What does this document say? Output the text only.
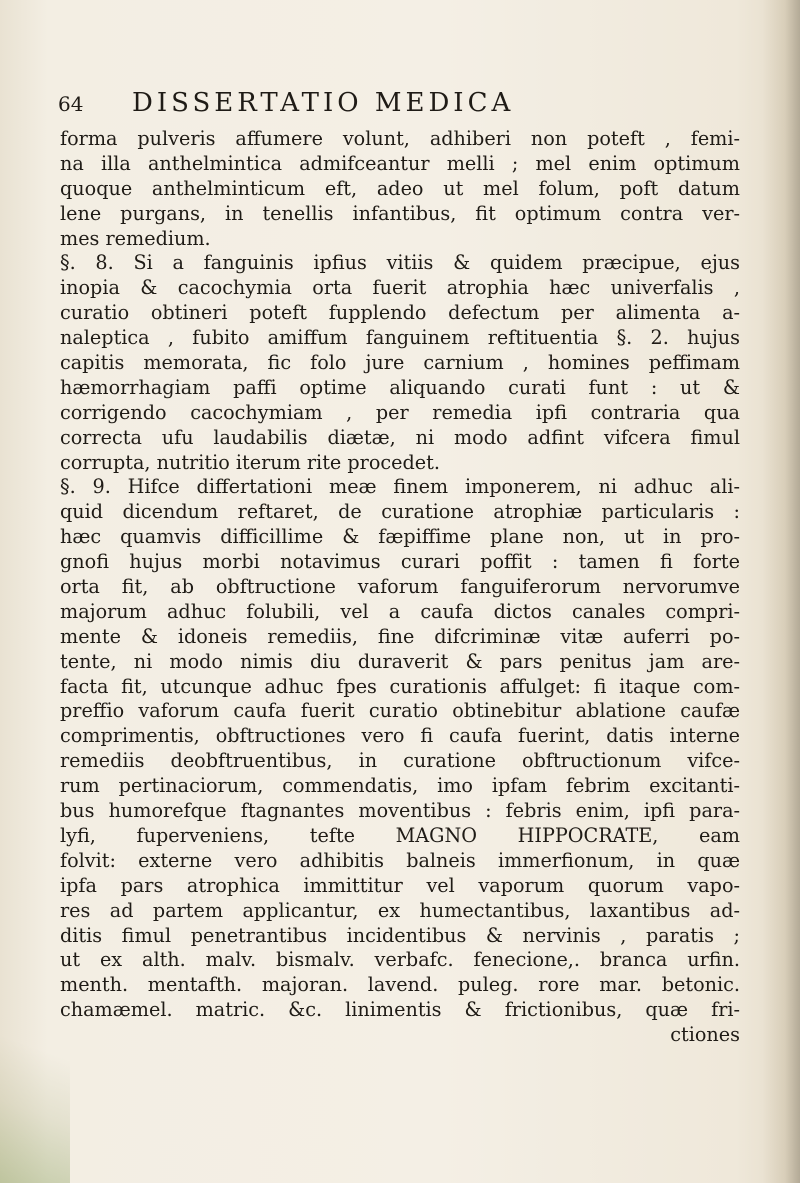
64	DISSERTATIO MEDICA
forma pulveris affumere volunt, adhiberi non poteft , femi-
na illa anthelmintica admifceantur melli ; mel enim optimum
quoque anthelminticum eft, adeo ut mel folum, poft datum
lene purgans, in tenellis infantibus, fit optimum contra ver-
mes remedium.
§. 8. Si a fanguinis ipfius vitiis & quidem præcipue, ejus
inopia & cacochymia orta fuerit atrophia hæc univerfalis ,
curatio obtineri poteft fupplendo defectum per alimenta a-
naleptica , fubito amiffum fanguinem reftituentia §. 2. hujus
capitis memorata, fic folo jure carnium , homines peffimam
hæmorrhagiam paffi optime aliquando curati funt : ut &
corrigendo cacochymiam , per remedia ipfi contraria qua
correcta ufu laudabilis diætæ, ni modo adfint vifcera fimul
corrupta, nutritio iterum rite procedet.
§. 9. Hifce differtationi meæ finem imponerem, ni adhuc ali-
quid dicendum reftaret, de curatione atrophiæ particularis :
hæc quamvis difficillime & fæpiffime plane non, ut in pro-
gnofi hujus morbi notavimus curari poffit : tamen fi forte
orta fit, ab obftructione vaforum fanguiferorum nervorumve
majorum adhuc folubili, vel a caufa dictos canales compri-
mente & idoneis remediis, fine difcriminæ vitæ auferri po-
tente, ni modo nimis diu duraverit & pars penitus jam are-
facta fit, utcunque adhuc fpes curationis affulget: fi itaque com-
preffio vaforum caufa fuerit curatio obtinebitur ablatione caufæ
comprimentis, obftructiones vero fi caufa fuerint, datis interne
remediis deobftruentibus, in curatione obftructionum vifce-
rum pertinaciorum, commendatis, imo ipfam febrim excitanti-
bus humorefque ftagnantes moventibus : febris enim, ipfi para-
lyfi, fuperveniens, tefte MAGNO HIPPOCRATE, eam
folvit: externe vero adhibitis balneis immerfionum, in quæ
ipfa pars atrophica immittitur vel vaporum quorum vapo-
res ad partem applicantur, ex humectantibus, laxantibus ad-
ditis fimul penetrantibus incidentibus & nervinis , paratis ;
ut ex alth. malv. bismalv. verbafc. fenecione,. branca urfin.
menth. mentafth. majoran. lavend. puleg. rore mar. betonic.
chamæmel. matric. &c. linimentis & frictionibus, quæ fri-
ctiones
